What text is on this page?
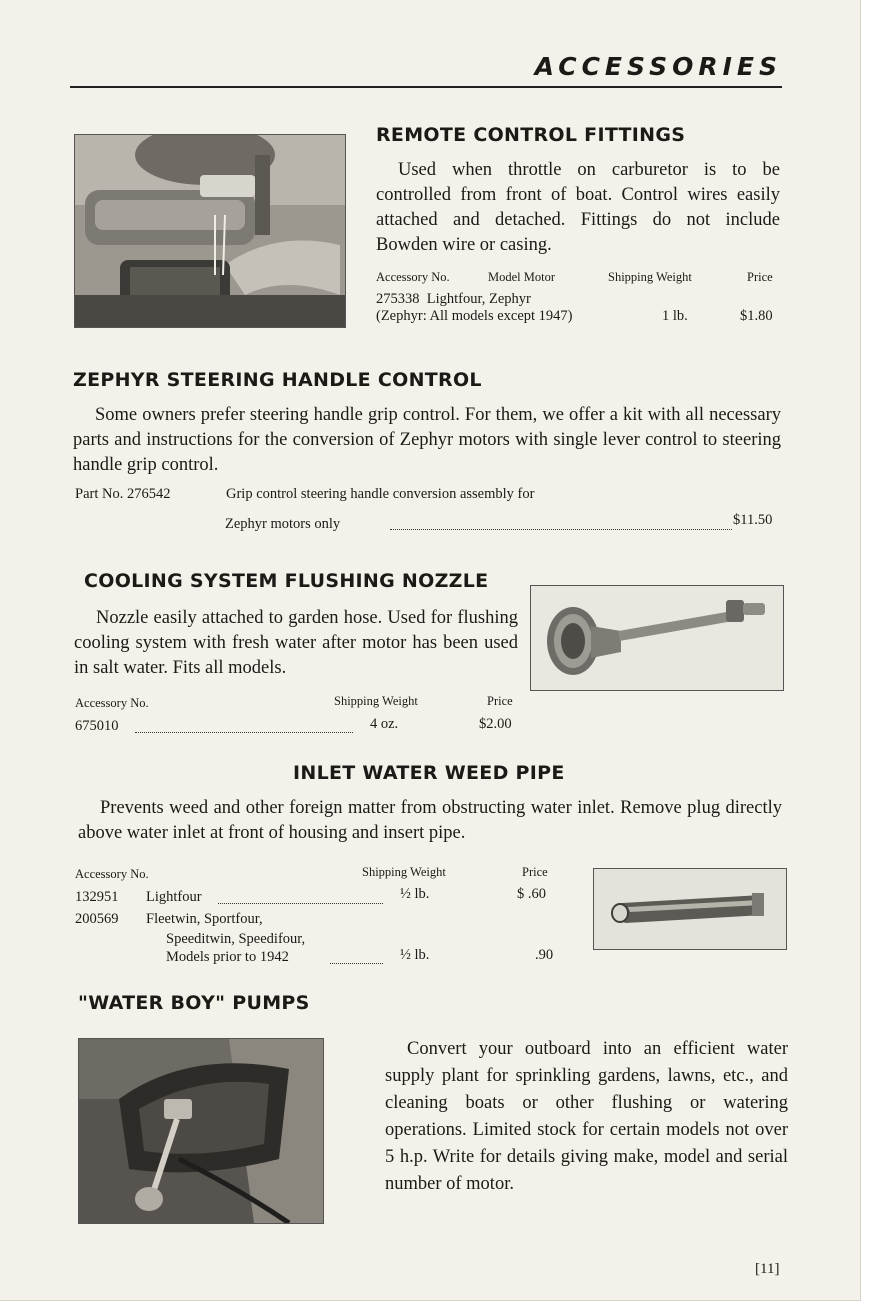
ACCESSORIES
REMOTE CONTROL FITTINGS

Used when throttle on carburetor is to be controlled from front of boat. Control wires easily attached and detached. Fittings do not include Bowden wire or casing.

Accessory No.	Model Motor	Shipping Weight	Price
275338  Lightfour, Zephyr
(Zephyr: All models except 1947)	1 lb.	$1.80
ZEPHYR STEERING HANDLE CONTROL

Some owners prefer steering handle grip control. For them, we offer a kit with all necessary parts and instructions for the conversion of Zephyr motors with single lever control to steering handle grip control.

Part No. 276542	Grip control steering handle conversion assembly for
Zephyr motors only	$11.50
COOLING SYSTEM FLUSHING NOZZLE

Nozzle easily attached to garden hose. Used for flushing cooling system with fresh water after motor has been used in salt water. Fits all models.

Accessory No.	Shipping Weight	Price
675010	4 oz.	$2.00
INLET WATER WEED PIPE

Prevents weed and other foreign matter from obstructing water inlet. Remove plug directly above water inlet at front of housing and insert pipe.

Accessory No.	Shipping Weight	Price
132951 Lightfour	½ lb.	$ .60
200569 Fleetwin, Sportfour,
Speeditwin, Speedifour,
Models prior to 1942	½ lb.	.90
"WATER BOY" PUMPS

Convert your outboard into an efficient water supply plant for sprinkling gardens, lawns, etc., and cleaning boats or other flushing or watering operations. Limited stock for certain models not over 5 h.p. Write for details giving make, model and serial number of motor.

[11]
